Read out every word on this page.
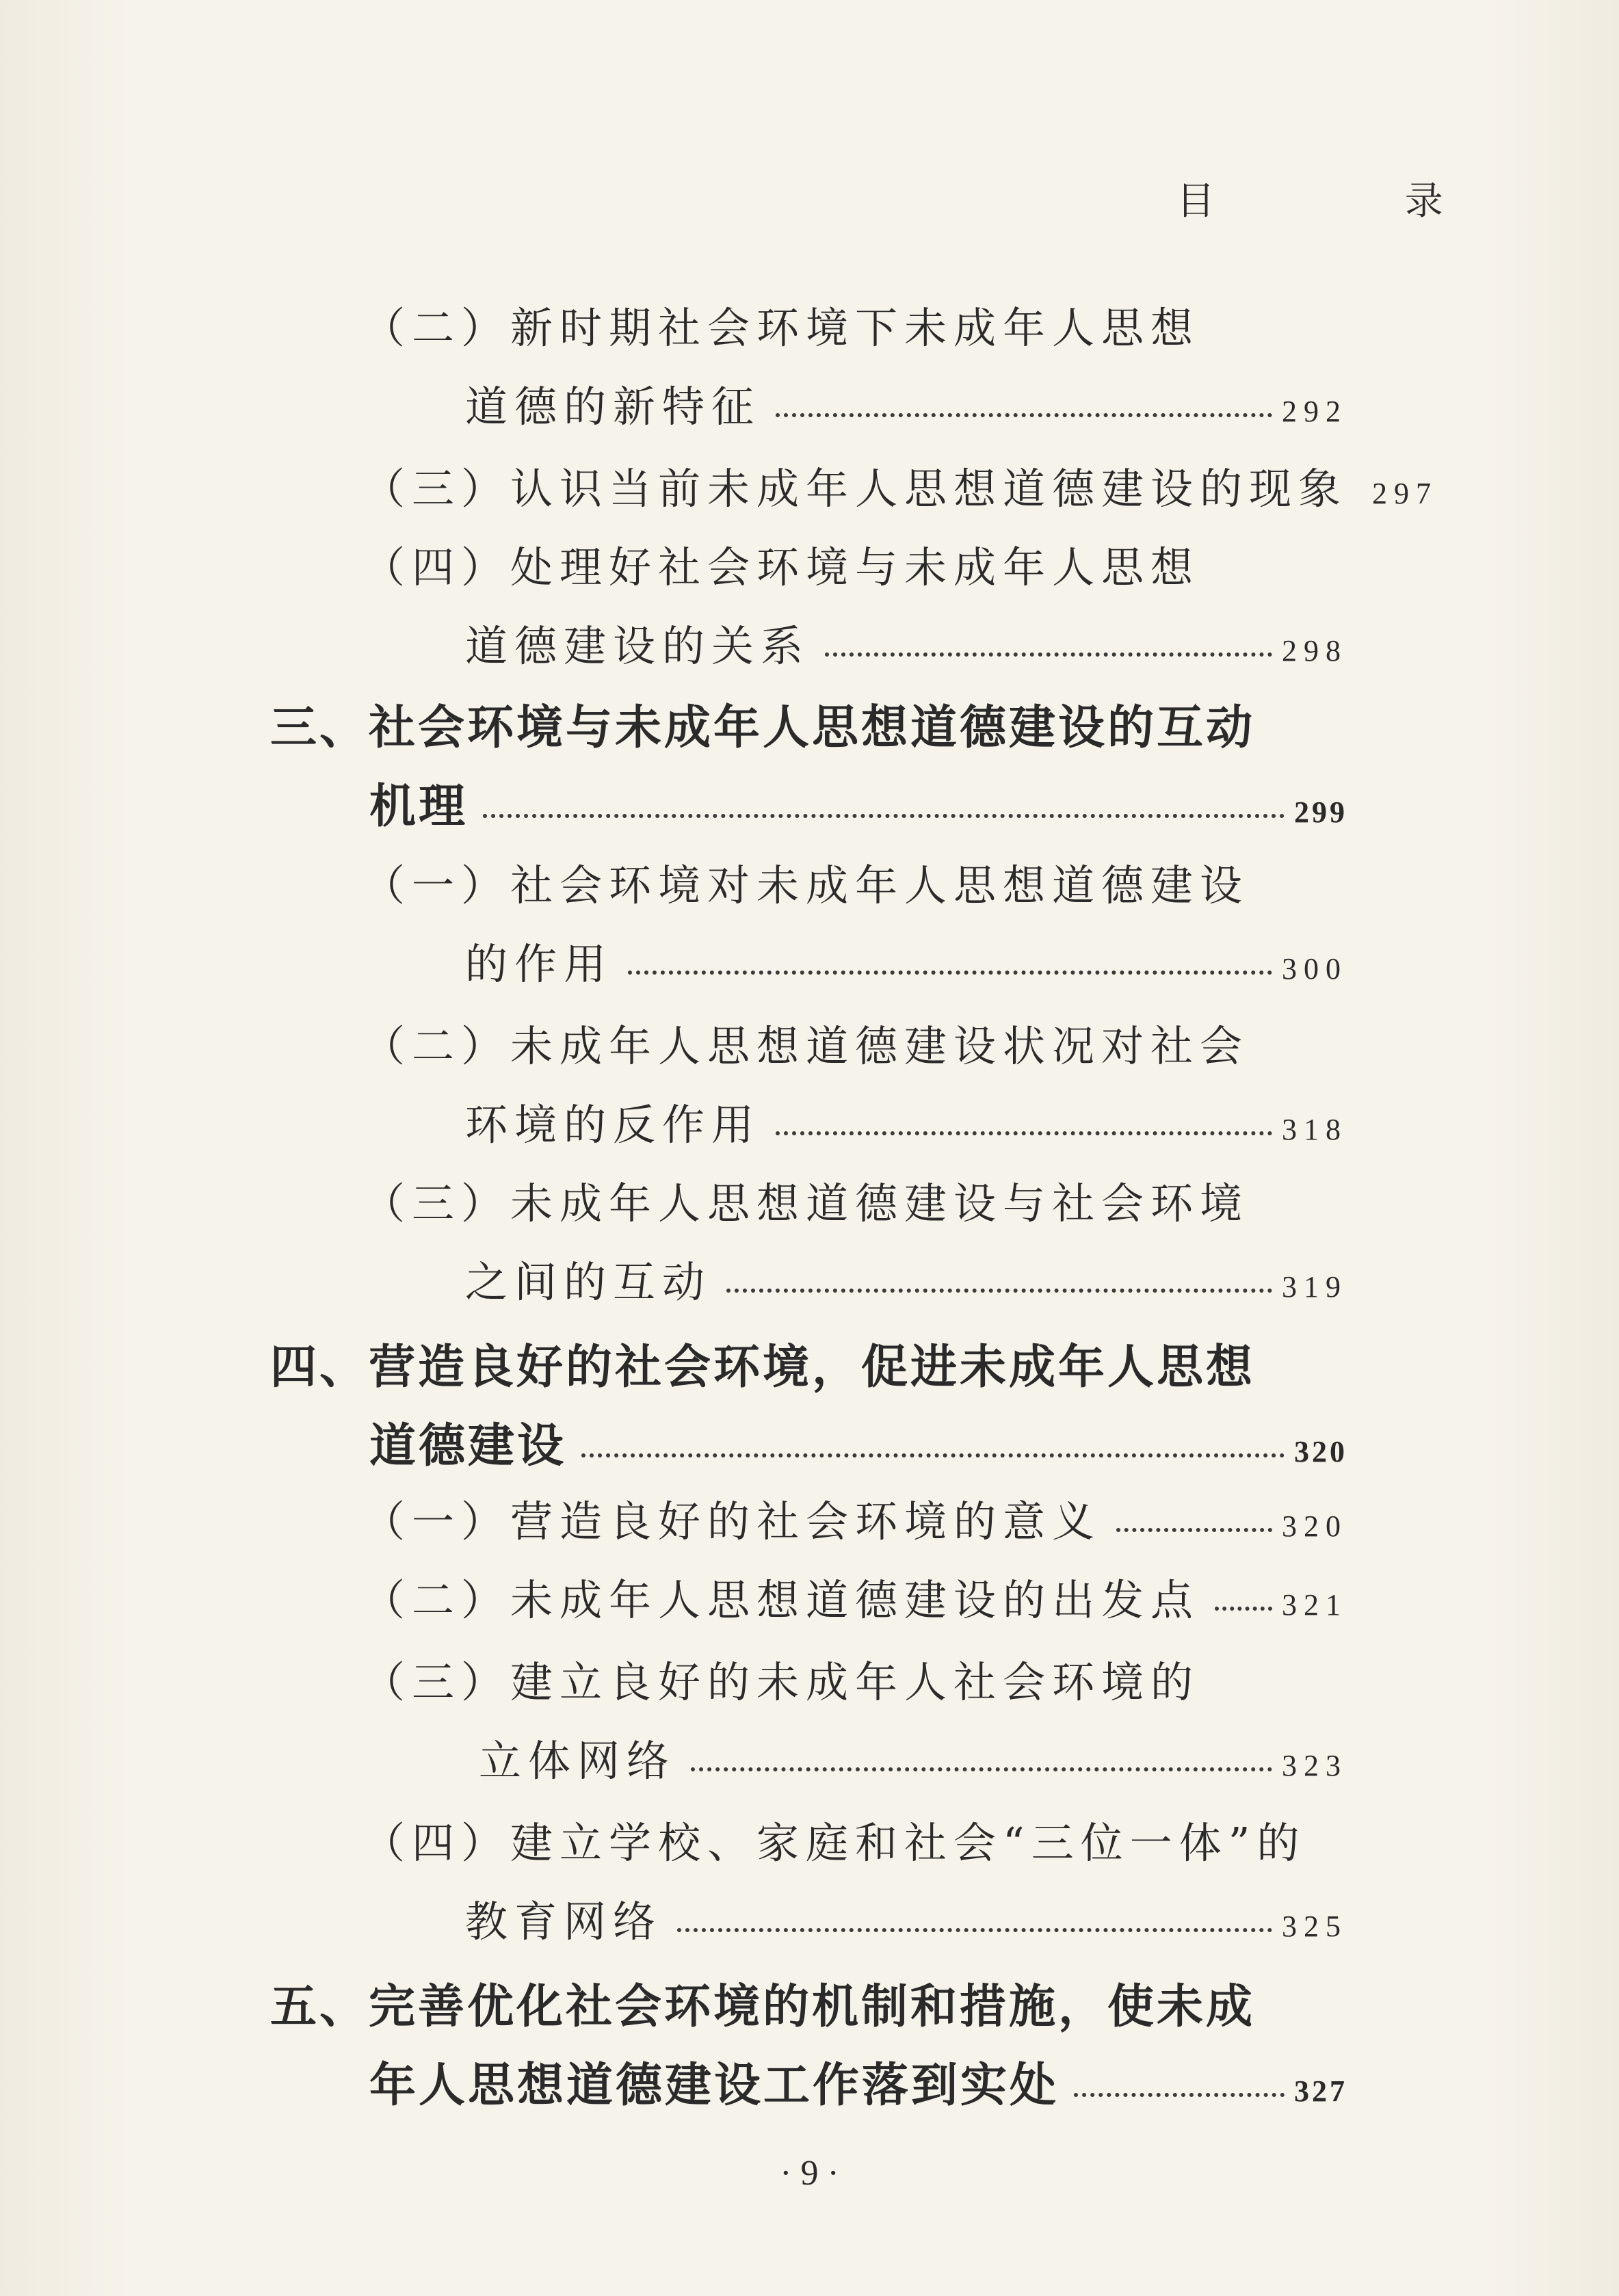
目 录
（二）新时期社会环境下未成年人思想
道德的新特征	292
（三）认识当前未成年人思想道德建设的现象 297
（四）处理好社会环境与未成年人思想
道德建设的关系	298
三、社会环境与未成年人思想道德建设的互动
机理	299
（一）社会环境对未成年人思想道德建设
的作用	300
（二）未成年人思想道德建设状况对社会
环境的反作用	318
（三）未成年人思想道德建设与社会环境
之间的互动	319
四、营造良好的社会环境，促进未成年人思想
道德建设	320
（一）营造良好的社会环境的意义	320
（二）未成年人思想道德建设的出发点	321
（三）建立良好的未成年人社会环境的
立体网络	323
（四）建立学校、家庭和社会“三位一体”的
教育网络	325
五、完善优化社会环境的机制和措施，使未成
年人思想道德建设工作落到实处	327
· 9 ·
